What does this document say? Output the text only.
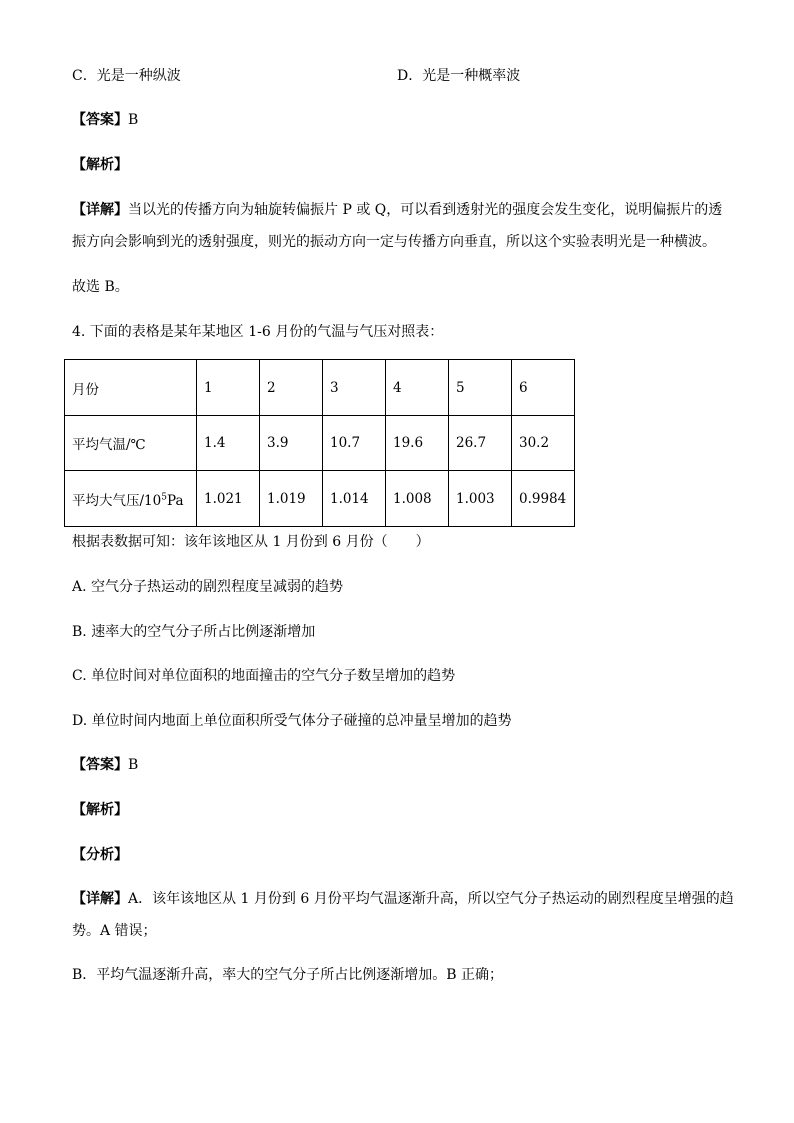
C．光是一种纵波	D．光是一种概率波
【答案】B
【解析】
【详解】当以光的传播方向为轴旋转偏振片 P 或 Q，可以看到透射光的强度会发生变化，说明偏振片的透
振方向会影响到光的透射强度，则光的振动方向一定与传播方向垂直，所以这个实验表明光是一种横波。
故选 B。
4. 下面的表格是某年某地区 1-6 月份的气温与气压对照表：
月份	1	2	3	4	5	6
平均气温/℃	1.4	3.9	10.7	19.6	26.7	30.2
平均大气压$/10^5Pa$	1.021	1.019	1.014	1.008	1.003	0.9984
根据表数据可知：该年该地区从 1 月份到 6 月份（　　）
A. 空气分子热运动的剧烈程度呈减弱的趋势
B. 速率大的空气分子所占比例逐渐增加
C. 单位时间对单位面积的地面撞击的空气分子数呈增加的趋势
D. 单位时间内地面上单位面积所受气体分子碰撞的总冲量呈增加的趋势
【答案】B
【解析】
【分析】
【详解】A．该年该地区从 1 月份到 6 月份平均气温逐渐升高，所以空气分子热运动的剧烈程度呈增强的趋
势。A 错误；
B．平均气温逐渐升高，率大的空气分子所占比例逐渐增加。B 正确；
